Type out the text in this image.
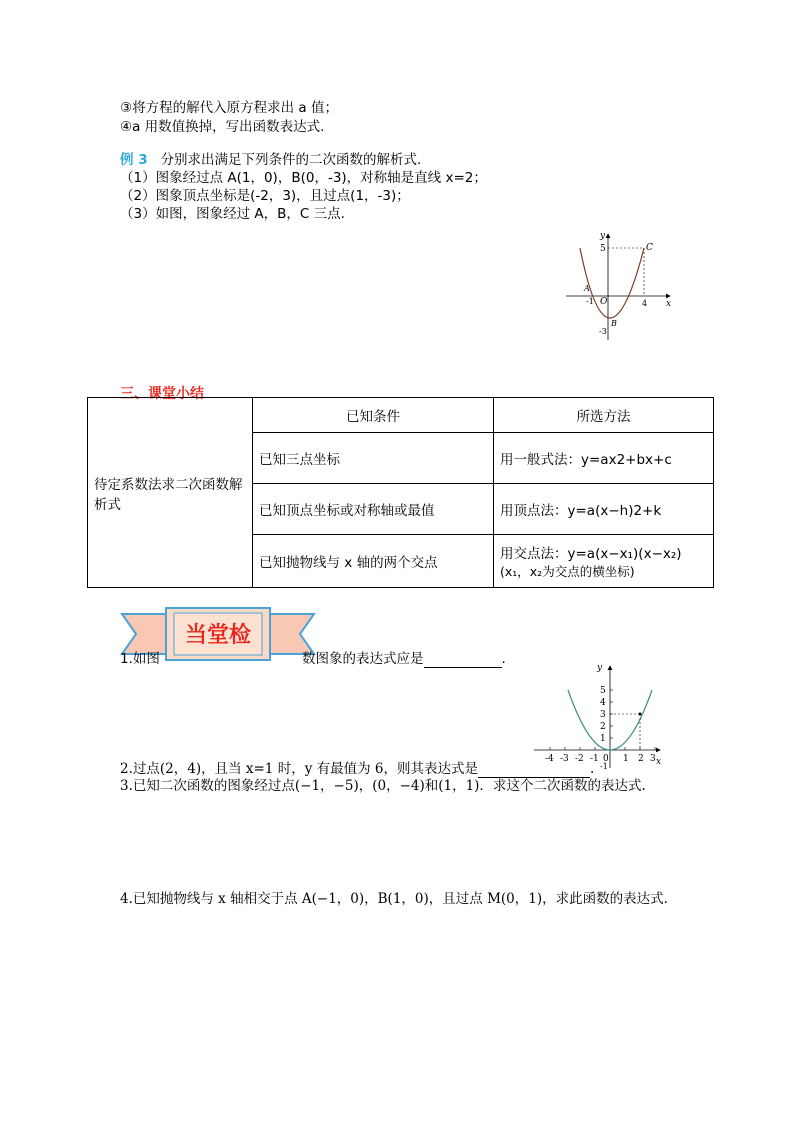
③将方程的解代入原方程求出 a 值；
④a 用数值换掉，写出函数表达式.
例 3 分别求出满足下列条件的二次函数的解析式.
（1）图象经过点 A(1，0)，B(0，-3)，对称轴是直线 x=2；
（2）图象顶点坐标是(-2，3)，且过点(1，-3)；
（3）如图，图象经过 A，B，C 三点.
y
x
5	C
A
-1 O	4
B
-3
三、课堂小结
待定系数法求二次函数解析式	已知条件	所选方法
	已知三点坐标	用一般式法：y=ax2+bx+c
	已知顶点坐标或对称轴或最值	用顶点法：y=a(x−h)2+k
	已知抛物线与 x 轴的两个交点	用交点法：y=a(x−x₁)(x−x₂)
(x₁，x₂为交点的横坐标)
当堂检
1.如图	数图象的表达式应是	.
y
x
5
4
3
2
1
-4 -3 -2 -1 0 1 2 3
-1
2.过点(2，4)，且当 x=1 时，y 有最值为 6，则其表达式是	.
3.已知二次函数的图象经过点(−1，−5)，(0，−4)和(1，1)．求这个二次函数的表达式.
4.已知抛物线与 x 轴相交于点 A(−1，0)，B(1，0)，且过点 M(0，1)，求此函数的表达式.
